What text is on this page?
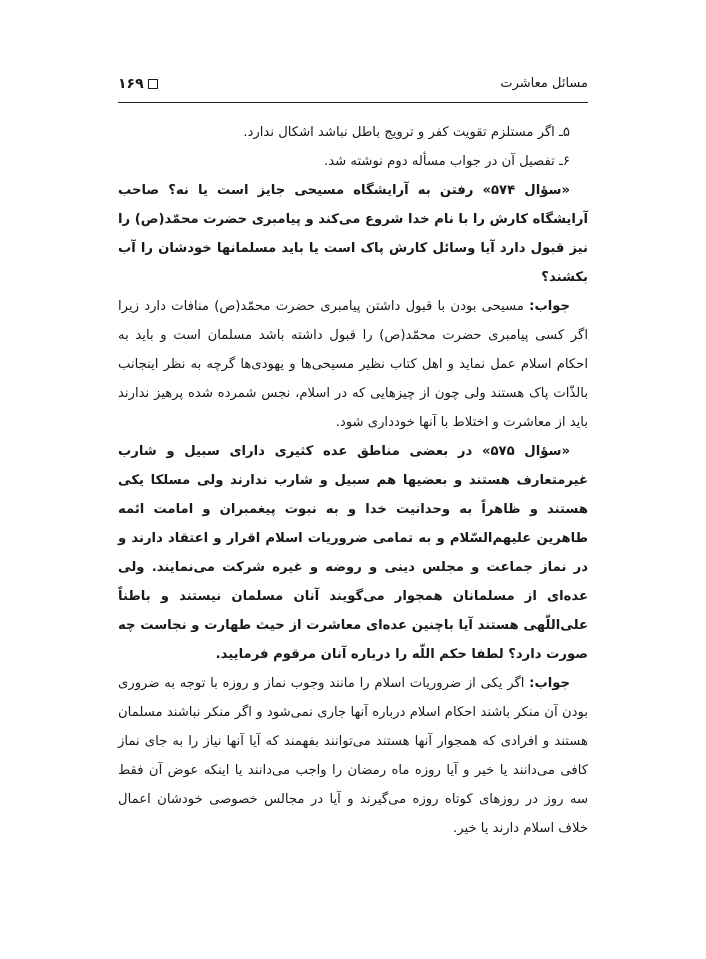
مسائل معاشرت
۱۶۹

۵ـ اگر مستلزم تقویت کفر و ترویج باطل نباشد اشکال ندارد.

۶ـ تفصیل آن در جواب مسأله دوم نوشته شد.

«سؤال ۵۷۴» رفتن به آرایشگاه مسیحی جایز است یا نه؟ صاحب آرایشگاه کارش را با نام خدا شروع می‌کند و پیامبری حضرت محمّد(ص) را نیز قبول دارد آیا وسائل کارش پاک است یا باید مسلمانها خودشان را آب بکشند؟

جواب: مسیحی بودن با قبول داشتن پیامبری حضرت محمّد(ص) منافات دارد زیرا اگر کسی پیامبری حضرت محمّد(ص) را قبول داشته باشد مسلمان است و باید به احکام اسلام عمل نماید و اهل کتاب نظیر مسیحی‌ها و یهودی‌ها گرچه به نظر اینجانب بالذّات پاک هستند ولی چون از چیزهایی که در اسلام، نجس شمرده شده پرهیز ندارند باید از معاشرت و اختلاط با آنها خودداری شود.

«سؤال ۵۷۵» در بعضی مناطق عده کثیری دارای سبیل و شارب غیرمتعارف هستند و بعضیها هم سبیل و شارب ندارند ولی مسلکا یکی هستند و ظاهراً به وحدانیت خدا و به نبوت پیغمبران و امامت ائمه طاهرین علیهم‌السّلام و به تمامی ضروریات اسلام اقرار و اعتقاد دارند و در نماز جماعت و مجلس دینی و روضه و غیره شرکت می‌نمایند. ولی عده‌ای از مسلمانان همجوار می‌گویند آنان مسلمان نیستند و باطناً علی‌اللّهی هستند آیا باچنین عده‌ای معاشرت از حیث طهارت و نجاست چه صورت دارد؟ لطفا حکم اللّه را درباره آنان مرقوم فرمایید.

جواب: اگر یکی از ضروریات اسلام را مانند وجوب نماز و روزه با توجه به ضروری بودن آن منکر باشند احکام اسلام درباره آنها جاری نمی‌شود و اگر منکر نباشند مسلمان هستند و افرادی که همجوار آنها هستند می‌توانند بفهمند که آیا آنها نیاز را به جای نماز کافی می‌دانند یا خیر و آیا روزه ماه رمضان را واجب می‌دانند یا اینکه عوض آن فقط سه روز در روزهای کوتاه روزه می‌گیرند و آیا در مجالس خصوصی خودشان اعمال خلاف اسلام دارند یا خیر.
